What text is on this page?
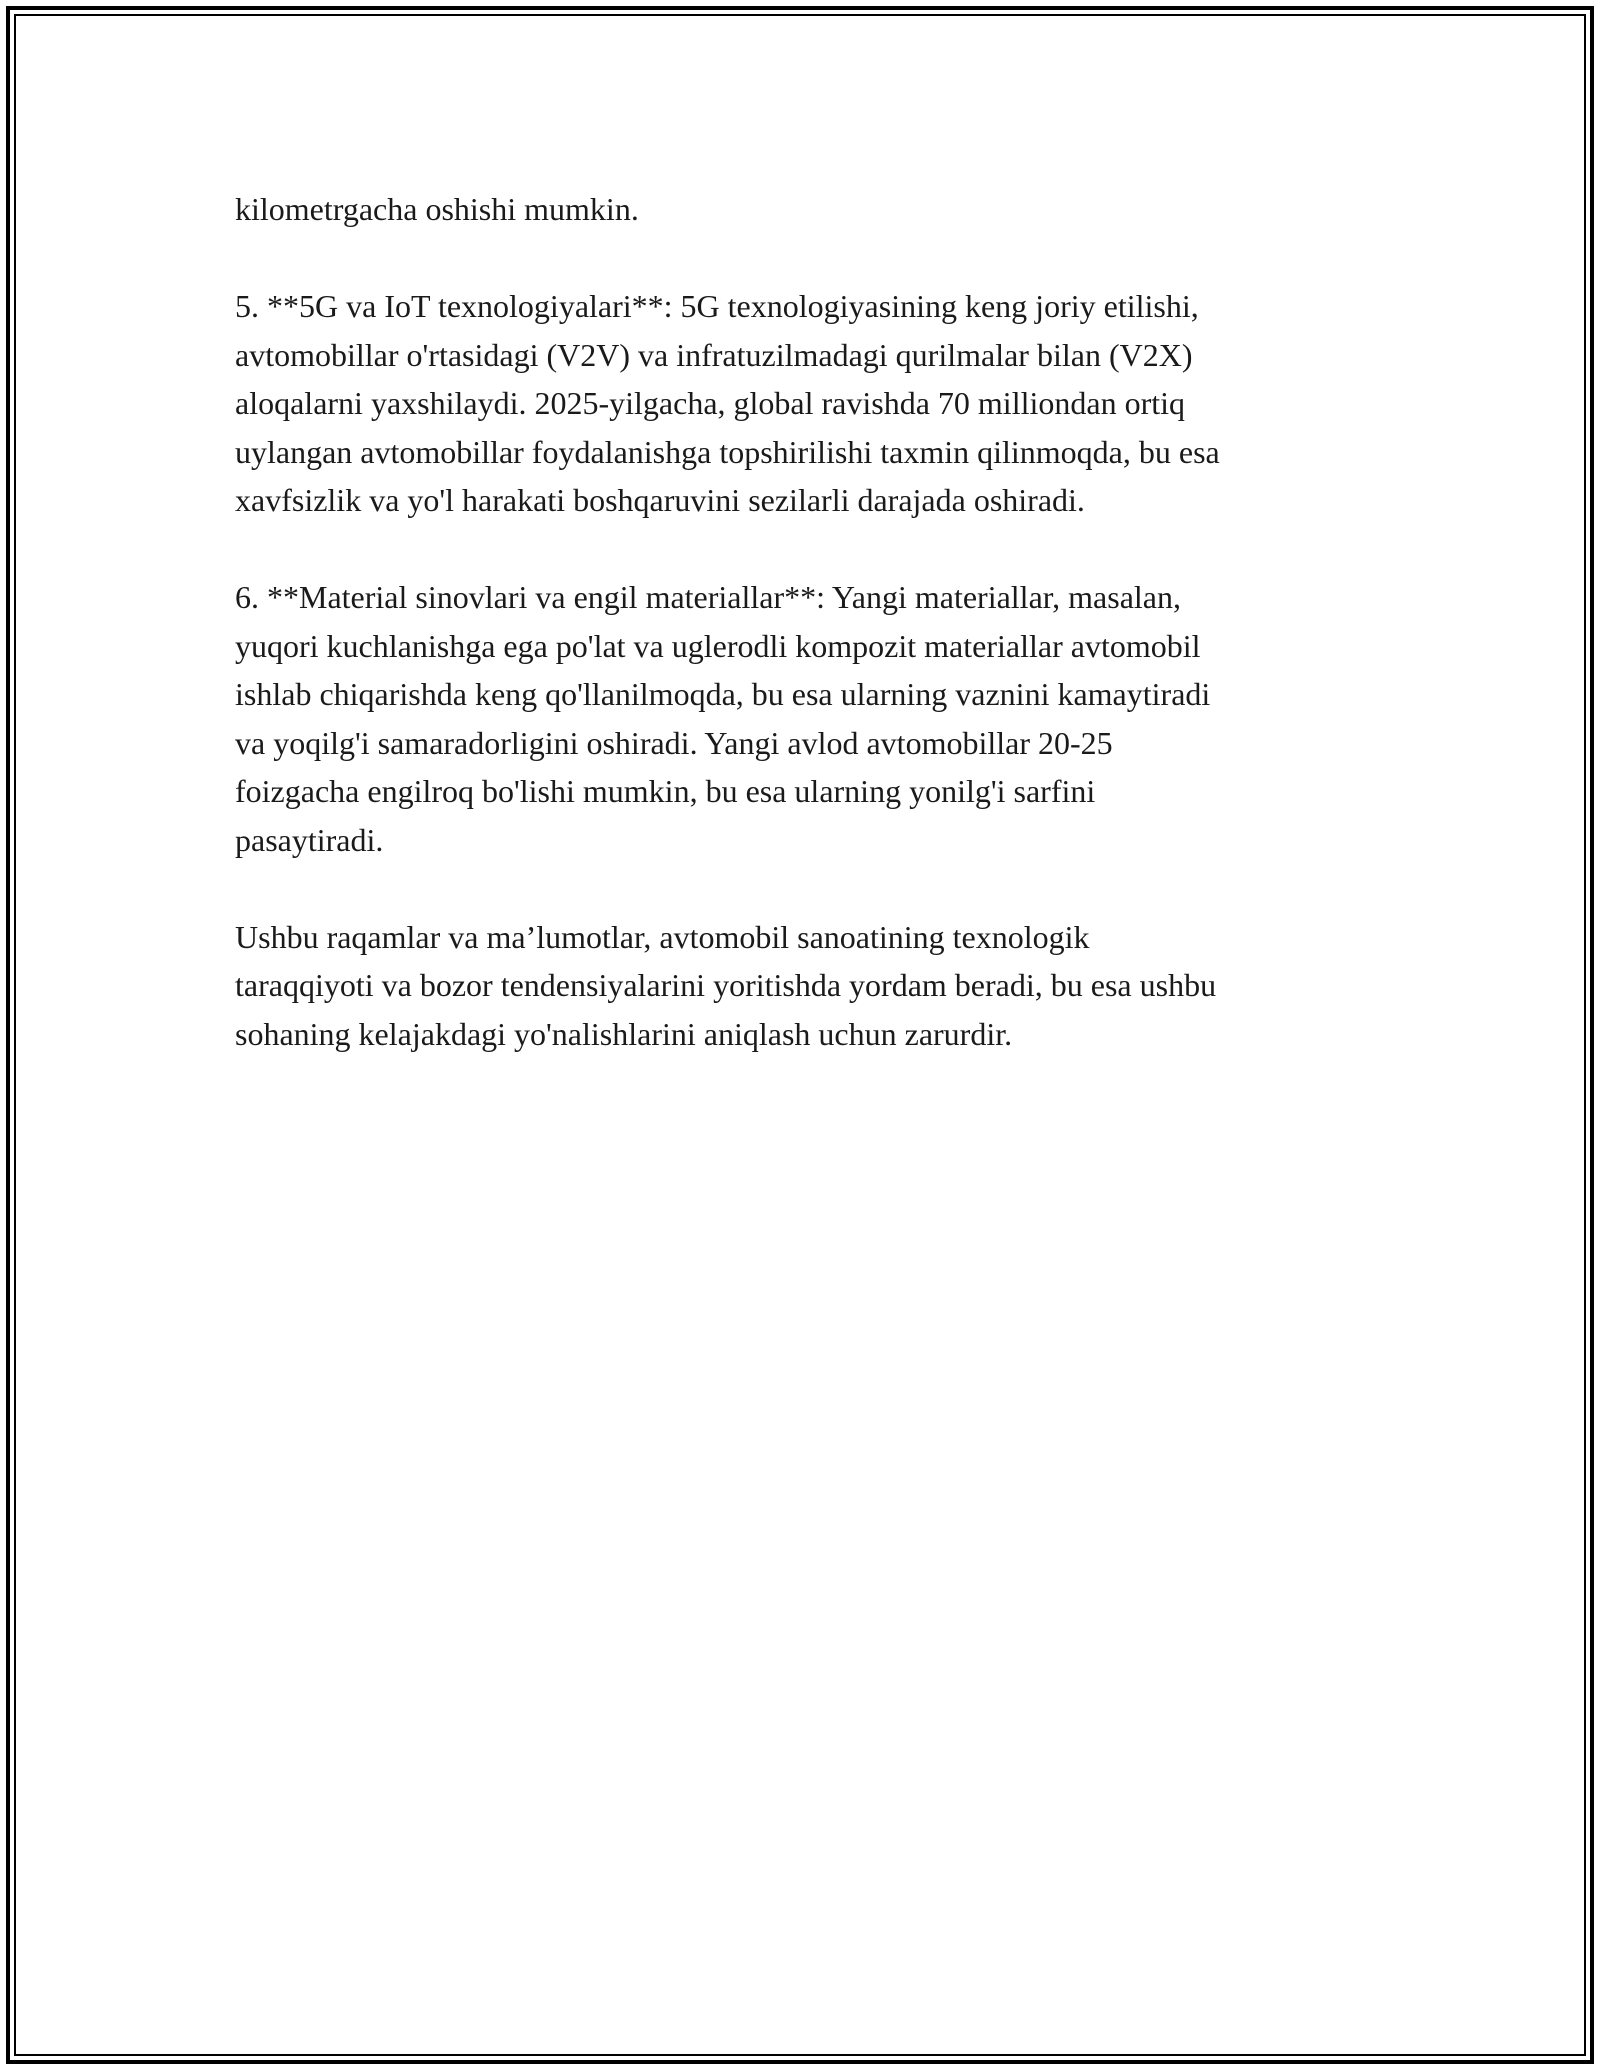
kilometrgacha oshishi mumkin.

5. **5G va IoT texnologiyalari**: 5G texnologiyasining keng joriy etilishi,
avtomobillar o'rtasidagi (V2V) va infratuzilmadagi qurilmalar bilan (V2X)
aloqalarni yaxshilaydi. 2025-yilgacha, global ravishda 70 milliondan ortiq
uylangan avtomobillar foydalanishga topshirilishi taxmin qilinmoqda, bu esa
xavfsizlik va yo'l harakati boshqaruvini sezilarli darajada oshiradi.

6. **Material sinovlari va engil materiallar**: Yangi materiallar, masalan,
yuqori kuchlanishga ega po'lat va uglerodli kompozit materiallar avtomobil
ishlab chiqarishda keng qo'llanilmoqda, bu esa ularning vaznini kamaytiradi
va yoqilg'i samaradorligini oshiradi. Yangi avlod avtomobillar 20-25
foizgacha engilroq bo'lishi mumkin, bu esa ularning yonilg'i sarfini
pasaytiradi.

Ushbu raqamlar va ma’lumotlar, avtomobil sanoatining texnologik
taraqqiyoti va bozor tendensiyalarini yoritishda yordam beradi, bu esa ushbu
sohaning kelajakdagi yo'nalishlarini aniqlash uchun zarurdir.
